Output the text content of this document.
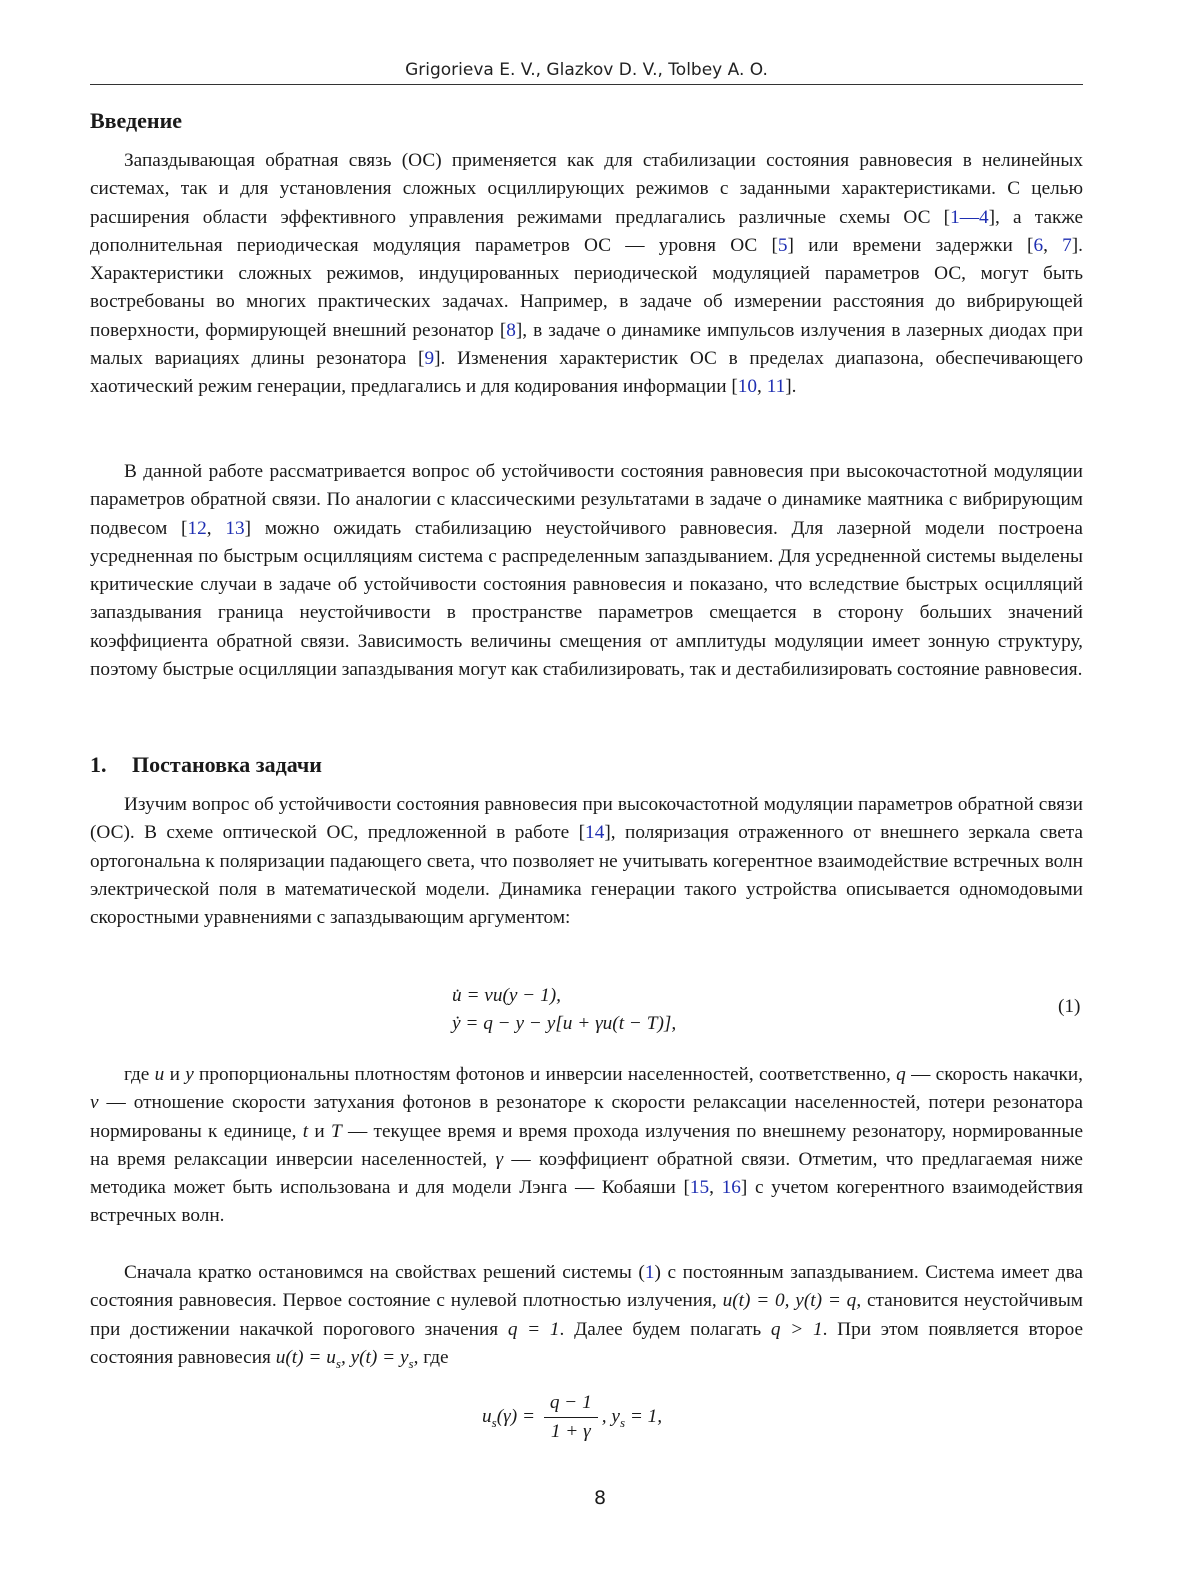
Grigorieva E. V., Glazkov D. V., Tolbey A. O.
Введение

Запаздывающая обратная связь (ОС) применяется как для стабилизации состояния равновесия в нелинейных системах, так и для установления сложных осциллирующих режимов с заданными характеристиками. С целью расширения области эффективного управления режимами предлагались различные схемы ОС [1—4], а также дополнительная периодическая модуляция параметров ОС — уровня ОС [5] или времени задержки [6, 7]. Характеристики сложных режимов, индуцированных периодической модуляцией параметров ОС, могут быть востребованы во многих практических задачах. Например, в задаче об измерении расстояния до вибрирующей поверхности, формирующей внешний резонатор [8], в задаче о динамике импульсов излучения в лазерных диодах при малых вариациях длины резонатора [9]. Изменения характеристик ОС в пределах диапазона, обеспечивающего хаотический режим генерации, предлагались и для кодирования информации [10, 11].

В данной работе рассматривается вопрос об устойчивости состояния равновесия при высокочастотной модуляции параметров обратной связи. По аналогии с классическими результатами в задаче о динамике маятника с вибрирующим подвесом [12, 13] можно ожидать стабилизацию неустойчивого равновесия. Для лазерной модели построена усредненная по быстрым осцилляциям система с распределенным запаздыванием. Для усредненной системы выделены критические случаи в задаче об устойчивости состояния равновесия и показано, что вследствие быстрых осцилляций запаздывания граница неустойчивости в пространстве параметров смещается в сторону больших значений коэффициента обратной связи. Зависимость величины смещения от амплитуды модуляции имеет зонную структуру, поэтому быстрые осцилляции запаздывания могут как стабилизировать, так и дестабилизировать состояние равновесия.

1. Постановка задачи

Изучим вопрос об устойчивости состояния равновесия при высокочастотной модуляции параметров обратной связи (ОС). В схеме оптической ОС, предложенной в работе [14], поляризация отраженного от внешнего зеркала света ортогональна к поляризации падающего света, что позволяет не учитывать когерентное взаимодействие встречных волн электрической поля в математической модели. Динамика генерации такого устройства описывается одномодовыми скоростными уравнениями с запаздывающим аргументом:

u̇ = vu(y − 1),
ẏ = q − y − y[u + γu(t − T)],
(1)

где u и y пропорциональны плотностям фотонов и инверсии населенностей, соответственно, q — скорость накачки, v — отношение скорости затухания фотонов в резонаторе к скорости релаксации населенностей, потери резонатора нормированы к единице, t и T — текущее время и время прохода излучения по внешнему резонатору, нормированные на время релаксации инверсии населенностей, γ — коэффициент обратной связи. Отметим, что предлагаемая ниже методика может быть использована и для модели Лэнга — Кобаяши [15, 16] с учетом когерентного взаимодействия встречных волн.

Сначала кратко остановимся на свойствах решений системы (1) с постоянным запаздыванием. Система имеет два состояния равновесия. Первое состояние с нулевой плотностью излучения, u(t) = 0, y(t) = q, становится неустойчивым при достижении накачкой порогового значения q = 1. Далее будем полагать q > 1. При этом появляется второе состояния равновесия $u(t) = u_s$, $y(t) = y_s$, где

$u_s(\gamma) = \frac{q - 1}{1 + \gamma}$ , $y_s = 1$,
8
